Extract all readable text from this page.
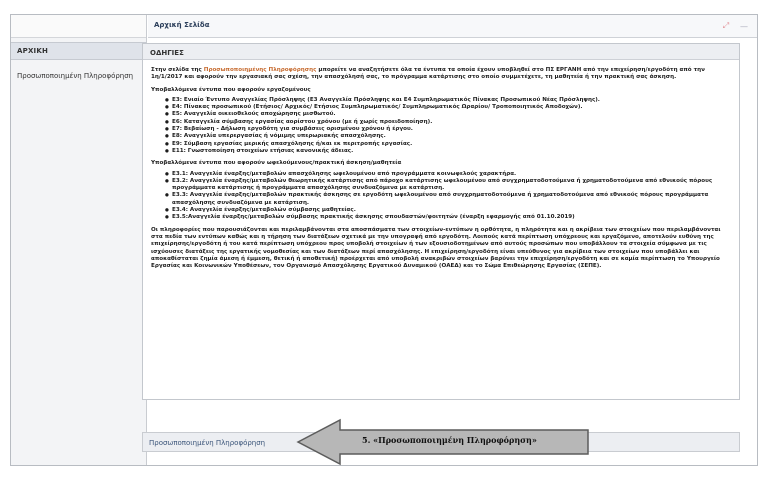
ΑΡΧΙΚΗ
Προσωποποιημένη Πληροφόρηση
Αρχική Σελίδα	⤢	—
ΟΔΗΓΙΕΣ

Στην σελίδα της Προσωποποιημένης Πληροφόρησης μπορείτε να αναζητήσετε όλα τα έντυπα τα οποία έχουν υποβληθεί στο ΠΣ ΕΡΓΑΝΗ από την επιχείρηση/εργοδότη από την 1η/1/2017 και αφορούν την εργασιακή σας σχέση, την απασχόλησή σας, το πρόγραμμα κατάρτισης στο οποίο συμμετέχετε, τη μαθητεία ή την πρακτική σας άσκηση.

Υποβαλλόμενα έντυπα που αφορούν εργαζομένους

● Ε3: Ενιαίο Έντυπο Αναγγελίας Πρόσληψης (Ε3 Αναγγελία Πρόσληψης και Ε4 Συμπληρωματικός Πίνακας Προσωπικού Νέας Πρόσληψης).
● Ε4: Πίνακας προσωπικού (Ετήσιος/ Αρχικός/ Ετήσιος Συμπληρωματικός/ Συμπληρωματικός Ωραρίου/ Τροποποιητικός Αποδοχών).
● Ε5: Αναγγελία οικειοθελούς αποχώρησης μισθωτού.
● Ε6: Καταγγελία σύμβασης εργασίας αορίστου χρόνου (με ή χωρίς προειδοποίηση).
● Ε7: Βεβαίωση - Δήλωση εργοδότη για συμβάσεις ορισμένου χρόνου ή έργου.
● Ε8: Αναγγελία υπερεργασίας ή νόμιμης υπερωριακής απασχόλησης.
● Ε9: Σύμβαση εργασίας μερικής απασχόλησης ή/και εκ περιτροπής εργασίας.
● Ε11: Γνωστοποίηση στοιχείων ετήσιας κανονικής άδειας.

Υποβαλλόμενα έντυπα που αφορούν ωφελούμενους/πρακτική άσκηση/μαθητεία

● Ε3.1: Αναγγελία έναρξης/μεταβολών απασχόλησης ωφελουμένου από προγράμματα κοινωφελούς χαρακτήρα.
● Ε3.2: Αναγγελία έναρξης/μεταβολών θεωρητικής κατάρτισης από πάροχο κατάρτισης ωφελουμένου από συγχρηματοδοτούμενα ή χρηματοδοτούμενα από εθνικούς πόρους προγράμματα κατάρτισης ή προγράμματα απασχόλησης συνδυαζόμενα με κατάρτιση.
● Ε3.3: Αναγγελία έναρξης/μεταβολών πρακτικής άσκησης σε εργοδότη ωφελουμένου από συγχρηματοδοτούμενα ή χρηματοδοτούμενα από εθνικούς πόρους προγράμματα απασχόλησης συνδυαζόμενα με κατάρτιση.
● Ε3.4: Αναγγελία έναρξης/μεταβολών σύμβασης μαθητείας.
● Ε3.5:Αναγγελία έναρξης/μεταβολών σύμβασης πρακτικής άσκησης σπουδαστών/φοιτητών (έναρξη εφαρμογής από 01.10.2019)

Οι πληροφορίες που παρουσιάζονται και περιλαμβάνονται στα αποσπάσματα των στοιχείων-εντύπων η ορθότητα, η πληρότητα και η ακρίβεια των στοιχείων που περιλαμβάνονται στα πεδία των εντύπων καθώς και η τήρηση των διατάξεων σχετικά με την υπογραφή από εργοδότη. Λοιπούς κατά περίπτωση υπόχρεους και εργαζόμενο, αποτελούν ευθύνη της επιχείρησης/εργοδότη ή του κατά περίπτωση υπόχρεου προς υποβολή στοιχείων ή των εξουσιοδοτημένων από αυτούς προσώπων που υποβάλλουν τα στοιχεία σύμφωνα με τις ισχύουσες διατάξεις της εργατικής νομοθεσίας και των διατάξεων περί απασχόλησης. Η επιχείρηση/εργοδότη είναι υπεύθυνος για ακρίβεια των στοιχείων που υποβάλλει και αποκαθίσταται ζημία άμεση ή έμμεση, θετική ή αποθετική) προέρχεται από υποβολή ανακριβών στοιχείων βαρύνει την επιχείρηση/εργοδότη και σε καμία περίπτωση το Υπουργείο Εργασίας και Κοινωνικών Υποθέσεων, τον Οργανισμό Απασχόλησης Εργατικού Δυναμικού (ΟΑΕΔ) και το Σώμα Επιθεώρησης Εργασίας (ΣΕΠΕ).

Προσωποποιημένη Πληροφόρηση	5. «Προσωποποιημένη Πληροφόρηση»
